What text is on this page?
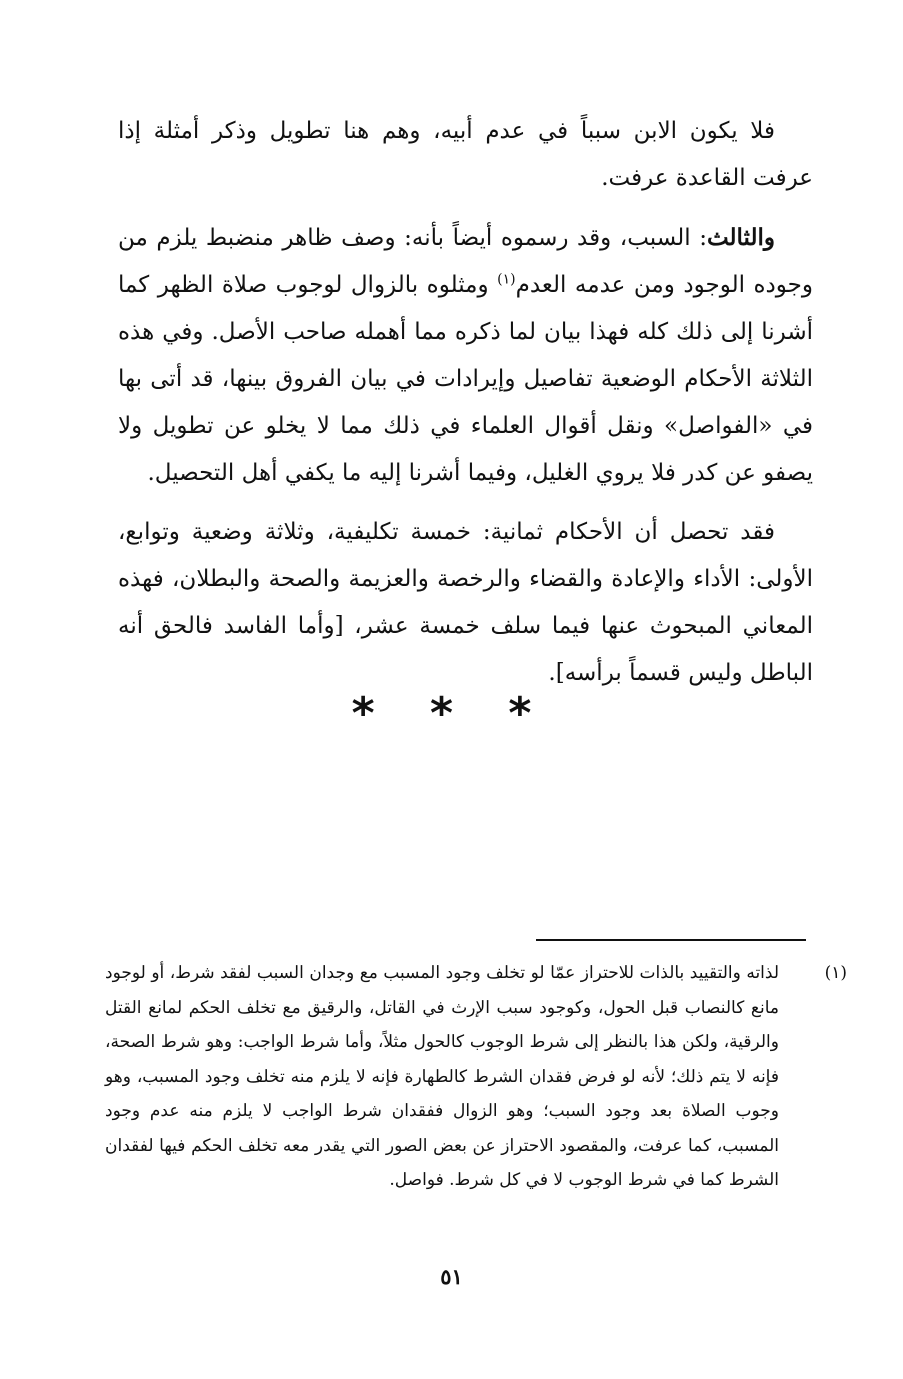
فلا يكون الابن سبباً في عدم أبيه، وهم هنا تطويل وذكر أمثلة إذا عرفت القاعدة عرفت.

والثالث: السبب، وقد رسموه أيضاً بأنه: وصف ظاهر منضبط يلزم من وجوده الوجود ومن عدمه العدم$^{(١)}$ ومثلوه بالزوال لوجوب صلاة الظهر كما أشرنا إلى ذلك كله فهذا بيان لما ذكره مما أهمله صاحب الأصل. وفي هذه الثلاثة الأحكام الوضعية تفاصيل وإيرادات في بيان الفروق بينها، قد أتى بها في «الفواصل» ونقل أقوال العلماء في ذلك مما لا يخلو عن تطويل ولا يصفو عن كدر فلا يروي الغليل، وفيما أشرنا إليه ما يكفي أهل التحصيل.

فقد تحصل أن الأحكام ثمانية: خمسة تكليفية، وثلاثة وضعية وتوابع، الأولى: الأداء والإعادة والقضاء والرخصة والعزيمة والصحة والبطلان، فهذه المعاني المبحوث عنها فيما سلف خمسة عشر، [وأما الفاسد فالحق أنه الباطل وليس قسماً برأسه].

* * *
(١)لذاته والتقييد بالذات للاحتراز عمّا لو تخلف وجود المسبب مع وجدان السبب لفقد شرط، أو لوجود مانع كالنصاب قبل الحول، وكوجود سبب الإرث في القاتل، والرقيق مع تخلف الحكم لمانع القتل والرقية، ولكن هذا بالنظر إلى شرط الوجوب كالحول مثلاً، وأما شرط الواجب: وهو شرط الصحة، فإنه لا يتم ذلك؛ لأنه لو فرض فقدان الشرط كالطهارة فإنه لا يلزم منه تخلف وجود المسبب، وهو وجوب الصلاة بعد وجود السبب؛ وهو الزوال ففقدان شرط الواجب لا يلزم منه عدم وجود المسبب، كما عرفت، والمقصود الاحتراز عن بعض الصور التي يقدر معه تخلف الحكم فيها لفقدان الشرط كما في شرط الوجوب لا في كل شرط. فواصل.
٥١
